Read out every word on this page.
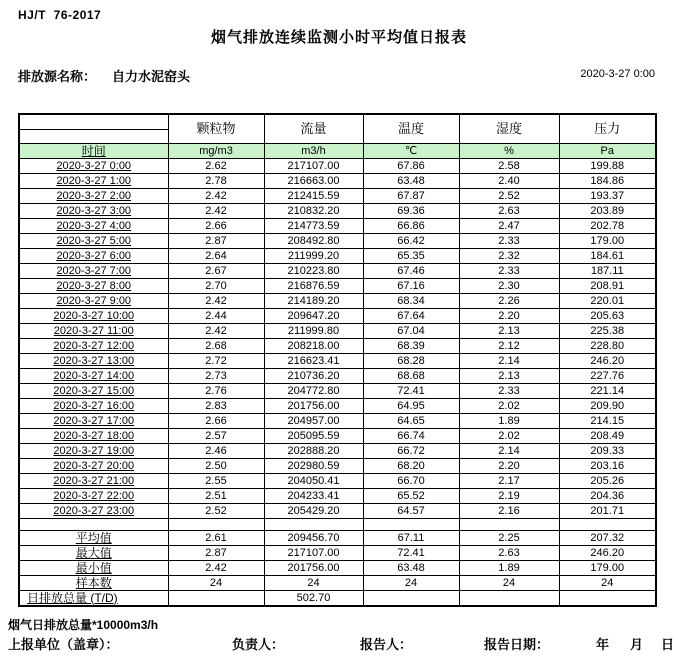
HJ/T  76-2017
烟气排放连续监测小时平均值日报表
排放源名称： 自力水泥窑头	2020-3-27 0:00
	颗粒物	流量	温度	湿度	压力
时间	mg/m3	m3/h	℃	%	Pa
2020-3-27 0:00	2.62	217107.00	67.86	2.58	199.88
2020-3-27 1:00	2.78	216663.00	63.48	2.40	184.86
2020-3-27 2:00	2.42	212415.59	67.87	2.52	193.37
2020-3-27 3:00	2.42	210832.20	69.36	2.63	203.89
2020-3-27 4:00	2.66	214773.59	66.86	2.47	202.78
2020-3-27 5:00	2.87	208492.80	66.42	2.33	179.00
2020-3-27 6:00	2.64	211999.20	65.35	2.32	184.61
2020-3-27 7:00	2.67	210223.80	67.46	2.33	187.11
2020-3-27 8:00	2.70	216876.59	67.16	2.30	208.91
2020-3-27 9:00	2.42	214189.20	68.34	2.26	220.01
2020-3-27 10:00	2.44	209647.20	67.64	2.20	205.63
2020-3-27 11:00	2.42	211999.80	67.04	2.13	225.38
2020-3-27 12:00	2.68	208218.00	68.39	2.12	228.80
2020-3-27 13:00	2.72	216623.41	68.28	2.14	246.20
2020-3-27 14:00	2.73	210736.20	68.68	2.13	227.76
2020-3-27 15:00	2.76	204772.80	72.41	2.33	221.14
2020-3-27 16:00	2.83	201756.00	64.95	2.02	209.90
2020-3-27 17:00	2.66	204957.00	64.65	1.89	214.15
2020-3-27 18:00	2.57	205095.59	66.74	2.02	208.49
2020-3-27 19:00	2.46	202888.20	66.72	2.14	209.33
2020-3-27 20:00	2.50	202980.59	68.20	2.20	203.16
2020-3-27 21:00	2.55	204050.41	66.70	2.17	205.26
2020-3-27 22:00	2.51	204233.41	65.52	2.19	204.36
2020-3-27 23:00	2.52	205429.20	64.57	2.16	201.71

平均值	2.61	209456.70	67.11	2.25	207.32
最大值	2.87	217107.00	72.41	2.63	246.20
最小值	2.42	201756.00	63.48	1.89	179.00
样本数	24	24	24	24	24
日排放总量 (T/D)		502.70			
烟气日排放总量*10000m3/h
上报单位（盖章）：	负责人：	报告人：	报告日期：	年 月 日
